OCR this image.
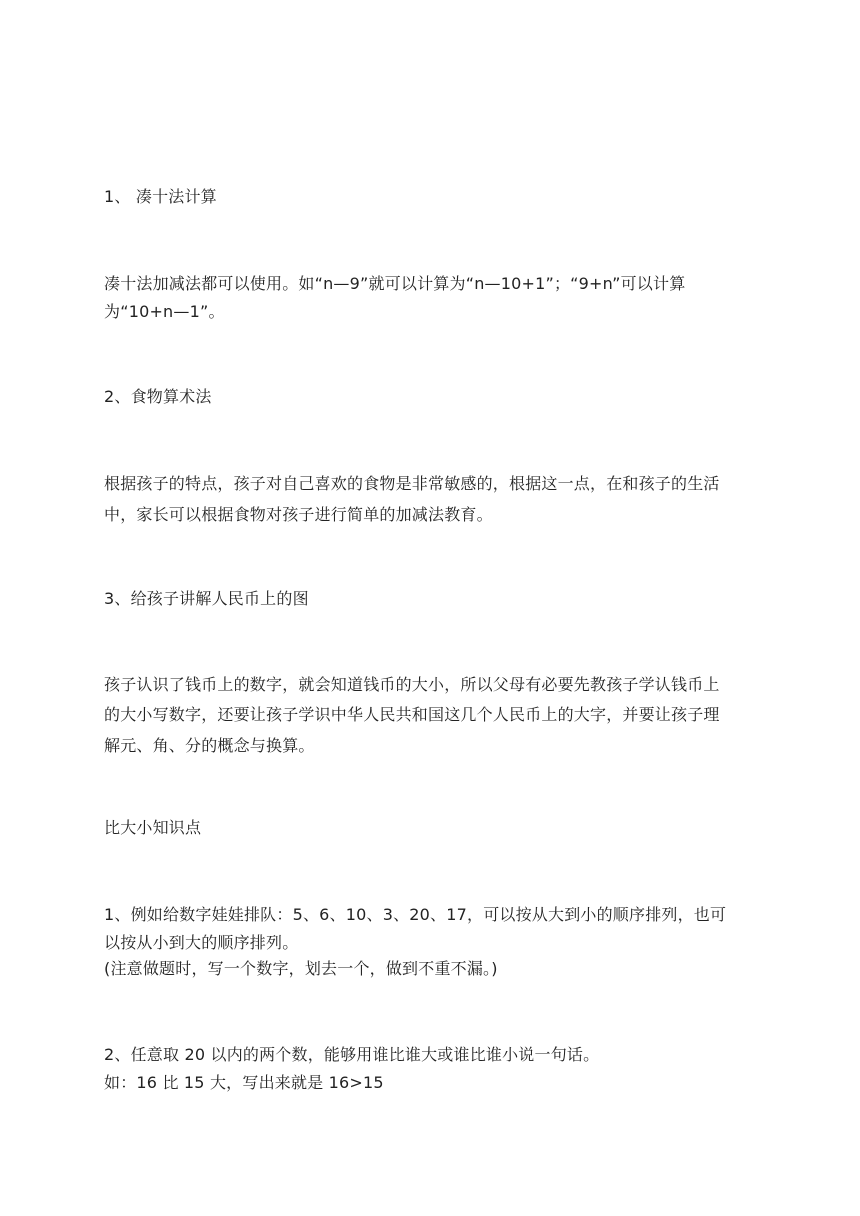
1、 凑十法计算

凑十法加减法都可以使用。如“n—9”就可以计算为“n—10+1”；“9+n”可以计算

为“10+n—1”。

2、食物算术法

根据孩子的特点，孩子对自己喜欢的食物是非常敏感的，根据这一点，在和孩子的生活

中，家长可以根据食物对孩子进行简单的加减法教育。

3、给孩子讲解人民币上的图

孩子认识了钱币上的数字，就会知道钱币的大小，所以父母有必要先教孩子学认钱币上

的大小写数字，还要让孩子学识中华人民共和国这几个人民币上的大字，并要让孩子理

解元、角、分的概念与换算。

比大小知识点

1、例如给数字娃娃排队：5、6、10、3、20、17，可以按从大到小的顺序排列，也可

以按从小到大的顺序排列。

(注意做题时，写一个数字，划去一个，做到不重不漏。)

2、任意取 20 以内的两个数，能够用谁比谁大或谁比谁小说一句话。

如：16 比 15 大，写出来就是 16>15
